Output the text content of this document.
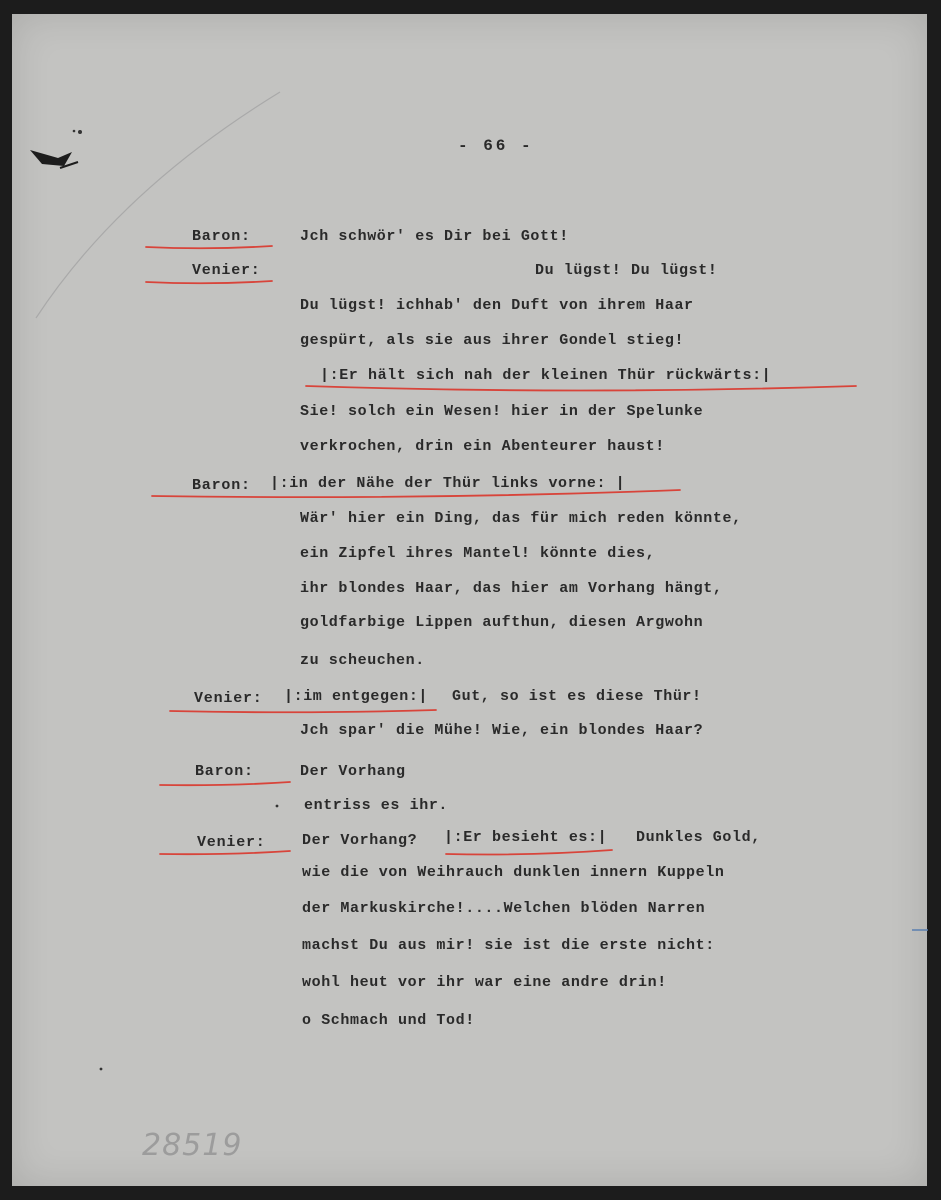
- 66 -
Baron:	Jch schwör' es Dir bei Gott!
Venier:	Du lügst! Du lügst!
Du lügst! ichhab' den Duft von ihrem Haar
gespürt, als sie aus ihrer Gondel stieg!
|:Er hält sich nah der kleinen Thür rückwärts:|
Sie! solch ein Wesen! hier in der Spelunke
verkrochen, drin ein Abenteurer haust!
Baron: |:in der Nähe der Thür links vorne: |
Wär' hier ein Ding, das für mich reden könnte,
ein Zipfel ihres Mantel! könnte dies,
ihr blondes Haar, das hier am Vorhang hängt,
goldfarbige Lippen aufthun, diesen Argwohn
zu scheuchen.
Venier: |:im entgegen:| Gut, so ist es diese Thür!
Jch spar' die Mühe! Wie, ein blondes Haar?
Baron:	Der Vorhang
entriss es ihr.
Venier: Der Vorhang? |:Er besieht es:| Dunkles Gold,
wie die von Weihrauch dunklen innern Kuppeln
der Markuskirche!....Welchen blöden Narren
machst Du aus mir! sie ist die erste nicht:
wohl heut vor ihr war eine andre drin!
o Schmach und Tod!
28519
